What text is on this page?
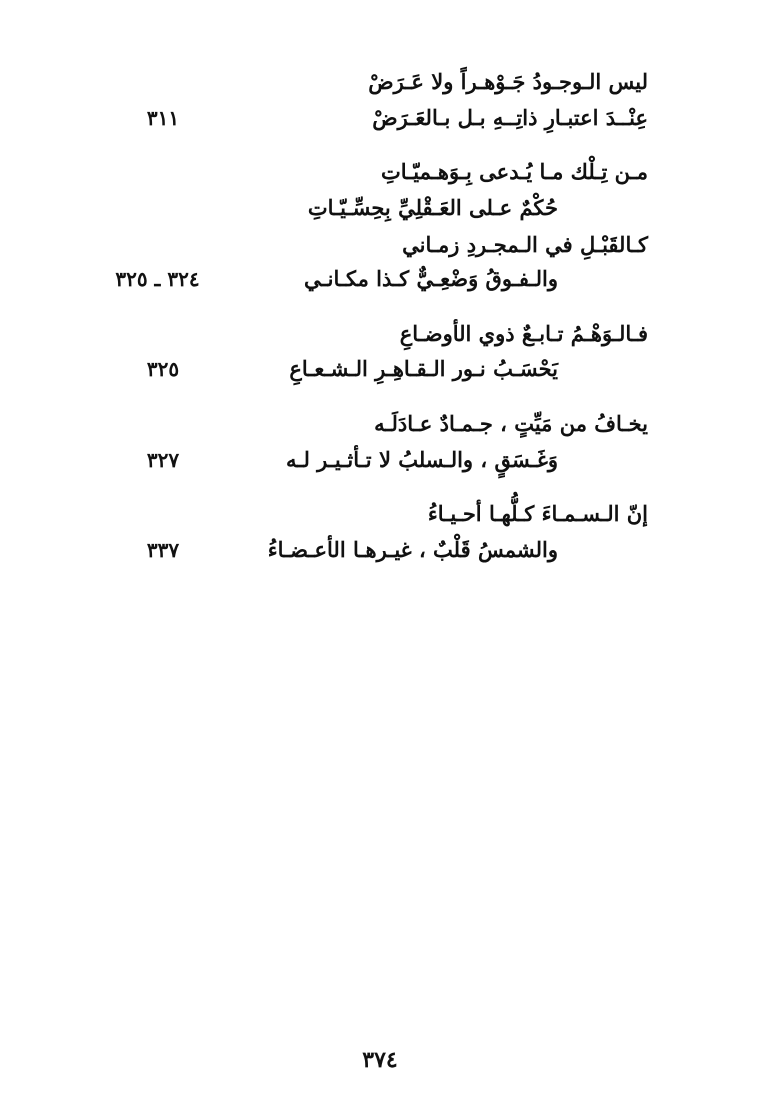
ليس الـوجـودُ جَـوْهـراً ولا عَـرَضْ
عِنْــدَ اعتبـارِ ذاتِــهِ بـل بـالعَـرَضْ
٣١١
مـن تِـلْك مـا يُـدعى بِـوَهـميّـاتِ
حُكْمٌ عـلى العَـقْلِيِّ بِحِسِّـيّـاتِ
كـالقَبْـلِ في الـمجـردِ زمـاني
والـفـوقُ وَضْعِـيٌّ كـذا مكـانـي
٣٢٤ ـ ٣٢٥
فـالـوَهْـمُ تـابـعٌ ذوي الأوضـاعِ
يَحْسَـبُ نـور الـقـاهِـرِ الـشـعـاعِ
٣٢٥
يخـافُ من مَيِّتٍ ، جـمـادٌ عـادَلَـه
وَغَـسَقٍ ، والـسلبُ لا تـأثـيـر لـه
٣٢٧
إنّ الـسـمـاءَ كـلُّهـا أحـيـاءُ
والشمسُ قَلْبٌ ، غيـرهـا الأعـضـاءُ
٣٣٧
٣٧٤
